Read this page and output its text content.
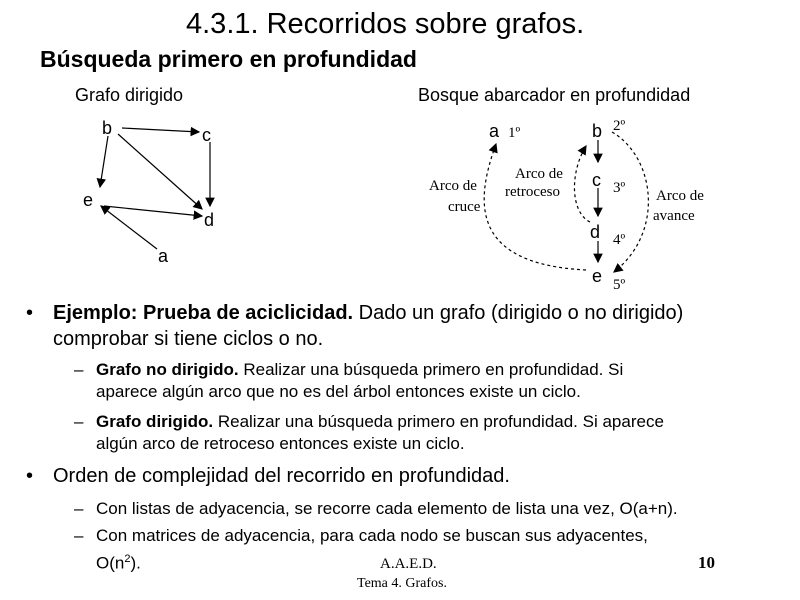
4.3.1. Recorridos sobre grafos.
Búsqueda primero en profundidad
Grafo dirigido
b	c
e
d
a
Bosque abarcador en profundidad
a 1º	b 2º
c 3º
d 4º
e 5º
Arco de
cruce
Arco de
retroceso	Arco de
avance
• Ejemplo: Prueba de aciclicidad. Dado un grafo (dirigido o no dirigido)
comprobar si tiene ciclos o no.
– Grafo no dirigido. Realizar una búsqueda primero en profundidad. Si
aparece algún arco que no es del árbol entonces existe un ciclo.
– Grafo dirigido. Realizar una búsqueda primero en profundidad. Si aparece
algún arco de retroceso entonces existe un ciclo.
• Orden de complejidad del recorrido en profundidad.
– Con listas de adyacencia, se recorre cada elemento de lista una vez, O(a+n).
– Con matrices de adyacencia, para cada nodo se buscan sus adyacentes,
$O(n^2)$.	A.A.E.D.
Tema 4. Grafos.
10
